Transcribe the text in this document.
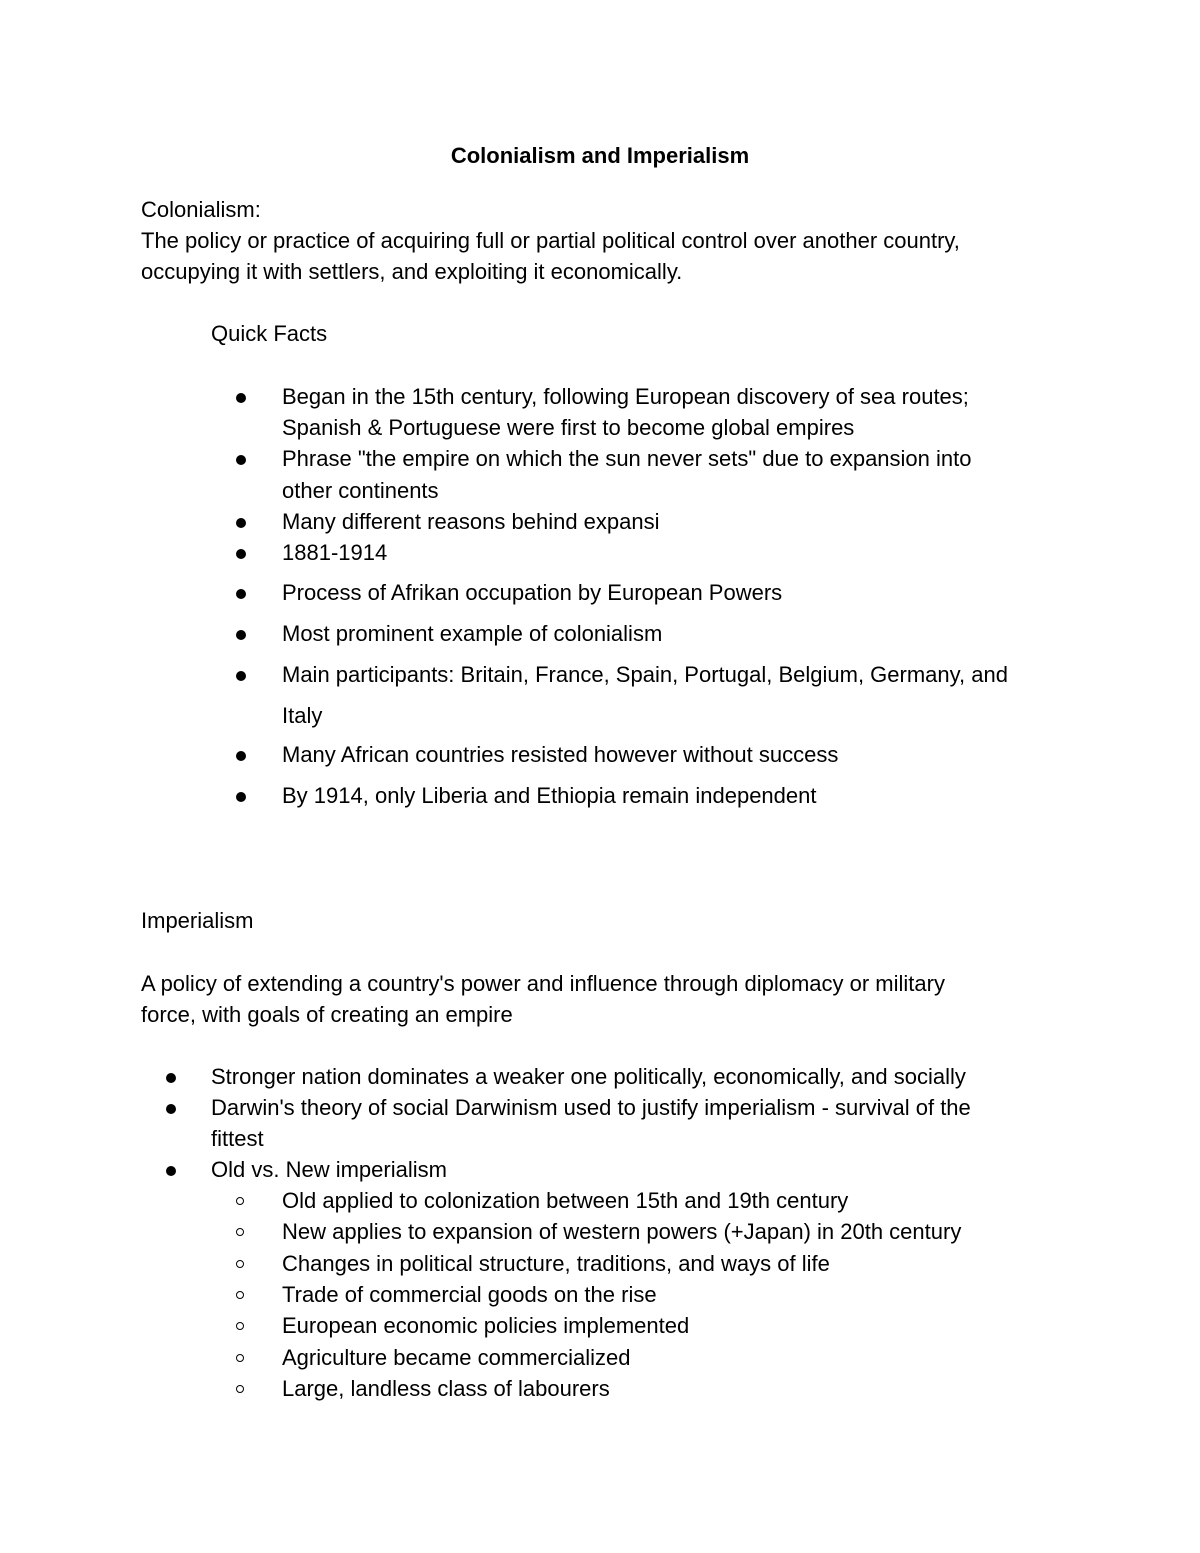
Colonialism and Imperialism
Colonialism:
The policy or practice of acquiring full or partial political control over another country,
occupying it with settlers, and exploiting it economically.
Quick Facts
Began in the 15th century, following European discovery of sea routes;
Spanish & Portuguese were first to become global empires
Phrase "the empire on which the sun never sets" due to expansion into
other continents
Many different reasons behind expansi
1881-1914
Process of Afrikan occupation by European Powers
Most prominent example of colonialism
Main participants: Britain, France, Spain, Portugal, Belgium, Germany, and
Italy
Many African countries resisted however without success
By 1914, only Liberia and Ethiopia remain independent
Imperialism
A policy of extending a country's power and influence through diplomacy or military
force, with goals of creating an empire
Stronger nation dominates a weaker one politically, economically, and socially
Darwin's theory of social Darwinism used to justify imperialism - survival of the
fittest
Old vs. New imperialism
Old applied to colonization between 15th and 19th century
New applies to expansion of western powers (+Japan) in 20th century
Changes in political structure, traditions, and ways of life
Trade of commercial goods on the rise
European economic policies implemented
Agriculture became commercialized
Large, landless class of labourers
